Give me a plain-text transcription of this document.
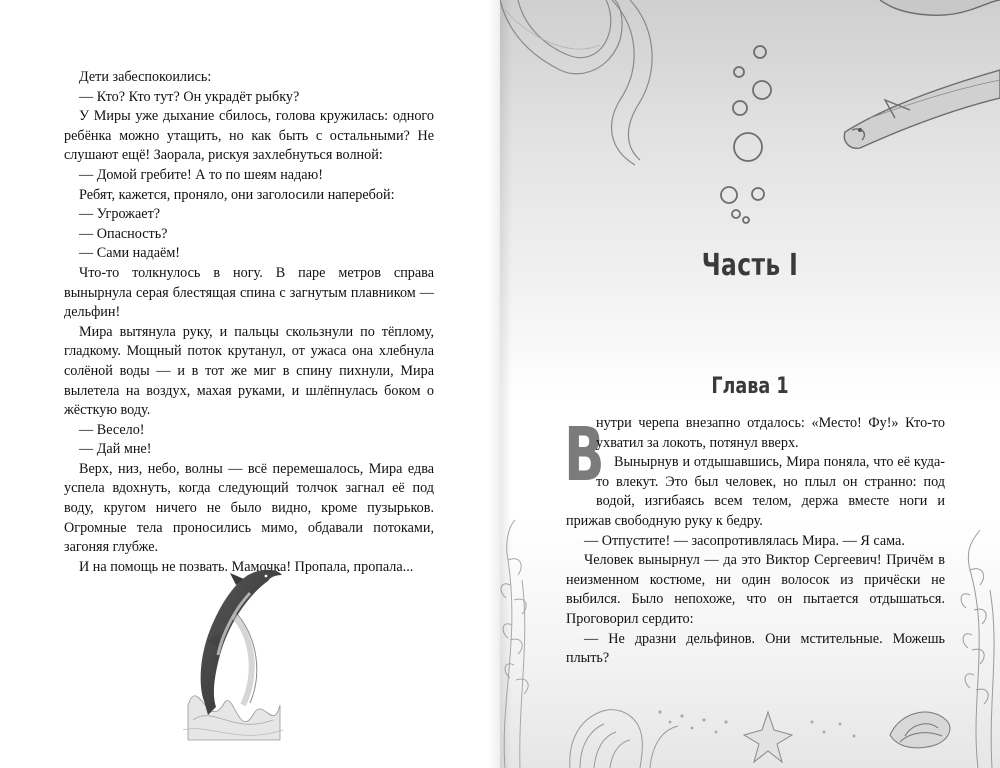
Дети забеспокоились:

— Кто? Кто тут? Он украдёт рыбку?

У Миры уже дыхание сбилось, голова кружилась: одного ребёнка можно утащить, но как быть с остальными? Не слушают ещё! Заорала, рискуя захлебнуться волной:

— Домой гребите! А то по шеям надаю!

Ребят, кажется, проняло, они заголосили наперебой:

— Угрожает?

— Опасность?

— Сами надаём!

Что-то толкнулось в ногу. В паре метров справа вынырнула серая блестящая спина с загнутым плавником — дельфин!

Мира вытянула руку, и пальцы скользнули по тёплому, гладкому. Мощный поток крутанул, от ужаса она хлебнула солёной воды — и в тот же миг в спину пихнули, Мира вылетела на воздух, махая руками, и шлёпнулась боком о жёсткую воду.

— Весело!

— Дай мне!

Верх, низ, небо, волны — всё перемешалось, Мира едва успела вдохнуть, когда следующий толчок загнал её под воду, кругом ничего не было видно, кроме пузырьков. Огромные тела проносились мимо, обдавали потоками, загоняя глубже.

И на помощь не позвать. Мамочка! Пропала, пропала...

Часть I
Глава 1
В

нутри черепа внезапно отдалось: «Место! Фу!» Кто-то ухватил за локоть, потянул вверх.

Вынырнув и отдышавшись, Мира поняла, что её куда-то влекут. Это был человек, но плыл он странно: под водой, изгибаясь всем телом, держа вместе ноги и прижав свободную руку к бедру.

— Отпустите! — засопротивлялась Мира. — Я сама.

Человек вынырнул — да это Виктор Сергеевич! Причём в неизменном костюме, ни один волосок из причёски не выбился. Было непохоже, что он пытается отдышаться. Проговорил сердито:

— Не дразни дельфинов. Они мстительные. Можешь плыть?
